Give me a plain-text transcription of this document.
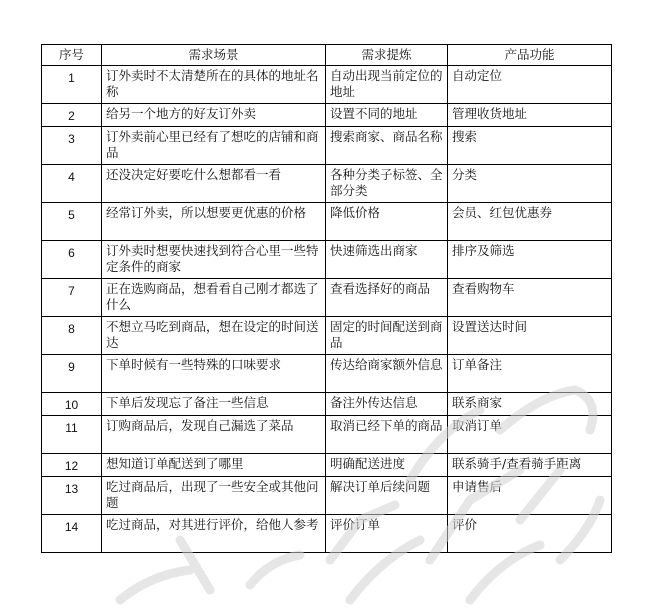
序号	需求场景	需求提炼	产品功能
1	订外卖时不太清楚所在的具体的地址名称	自动出现当前定位的地址	自动定位
2	给另一个地方的好友订外卖	设置不同的地址	管理收货地址
3	订外卖前心里已经有了想吃的店铺和商品	搜索商家、商品名称	搜索
4	还没决定好要吃什么想都看一看	各种分类子标签、全部分类	分类
5	经常订外卖，所以想要更优惠的价格	降低价格	会员、红包优惠券
6	订外卖时想要快速找到符合心里一些特定条件的商家	快速筛选出商家	排序及筛选
7	正在选购商品，想看看自己刚才都选了什么	查看选择好的商品	查看购物车
8	不想立马吃到商品，想在设定的时间送达	固定的时间配送到商品	设置送达时间
9	下单时候有一些特殊的口味要求	传达给商家额外信息	订单备注
10	下单后发现忘了备注一些信息	备注外传达信息	联系商家
11	订购商品后，发现自己漏选了菜品	取消已经下单的商品	取消订单
12	想知道订单配送到了哪里	明确配送进度	联系骑手/查看骑手距离
13	吃过商品后，出现了一些安全或其他问题	解决订单后续问题	申请售后
14	吃过商品，对其进行评价，给他人参考	评价订单	评价
